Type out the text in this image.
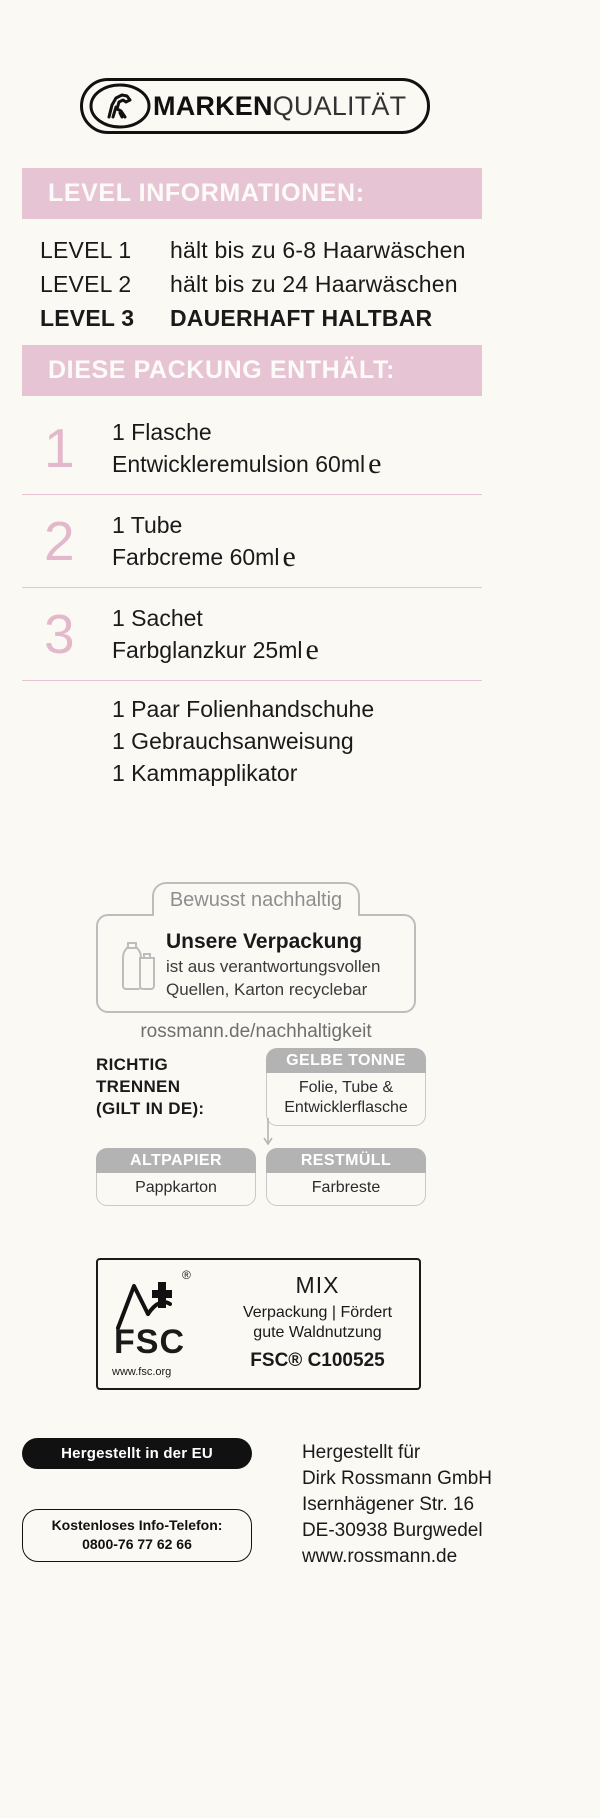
MARKENQUALITÄT
LEVEL INFORMATIONEN:
LEVEL 1	hält bis zu 6-8 Haarwäschen
LEVEL 2	hält bis zu 24 Haarwäschen
LEVEL 3	DAUERHAFT HALTBAR
DIESE PACKUNG ENTHÄLT:
1	1 Flasche
Entwickleremulsion 60ml e
2	1 Tube
Farbcreme 60ml e
3	1 Sachet
Farbglanzkur 25ml e
1 Paar Folienhandschuhe
1 Gebrauchsanweisung
1 Kammapplikator
Bewusst nachhaltig
Unsere Verpackung
ist aus verantwortungsvollen
Quellen, Karton recyclebar
rossmann.de/nachhaltigkeit
RICHTIG
TRENNEN
(GILT IN DE):
GELBE TONNE
Folie, Tube &
Entwicklerflasche
ALTPAPIER
Pappkarton
RESTMÜLL
Farbreste
®
FSC
www.fsc.org
MIX
Verpackung | Fördert
gute Waldnutzung
FSC® C100525
Hergestellt in der EU
Kostenloses Info-Telefon:
0800-76 77 62 66
Hergestellt für
Dirk Rossmann GmbH
Isernhägener Str. 16
DE-30938 Burgwedel
www.rossmann.de
